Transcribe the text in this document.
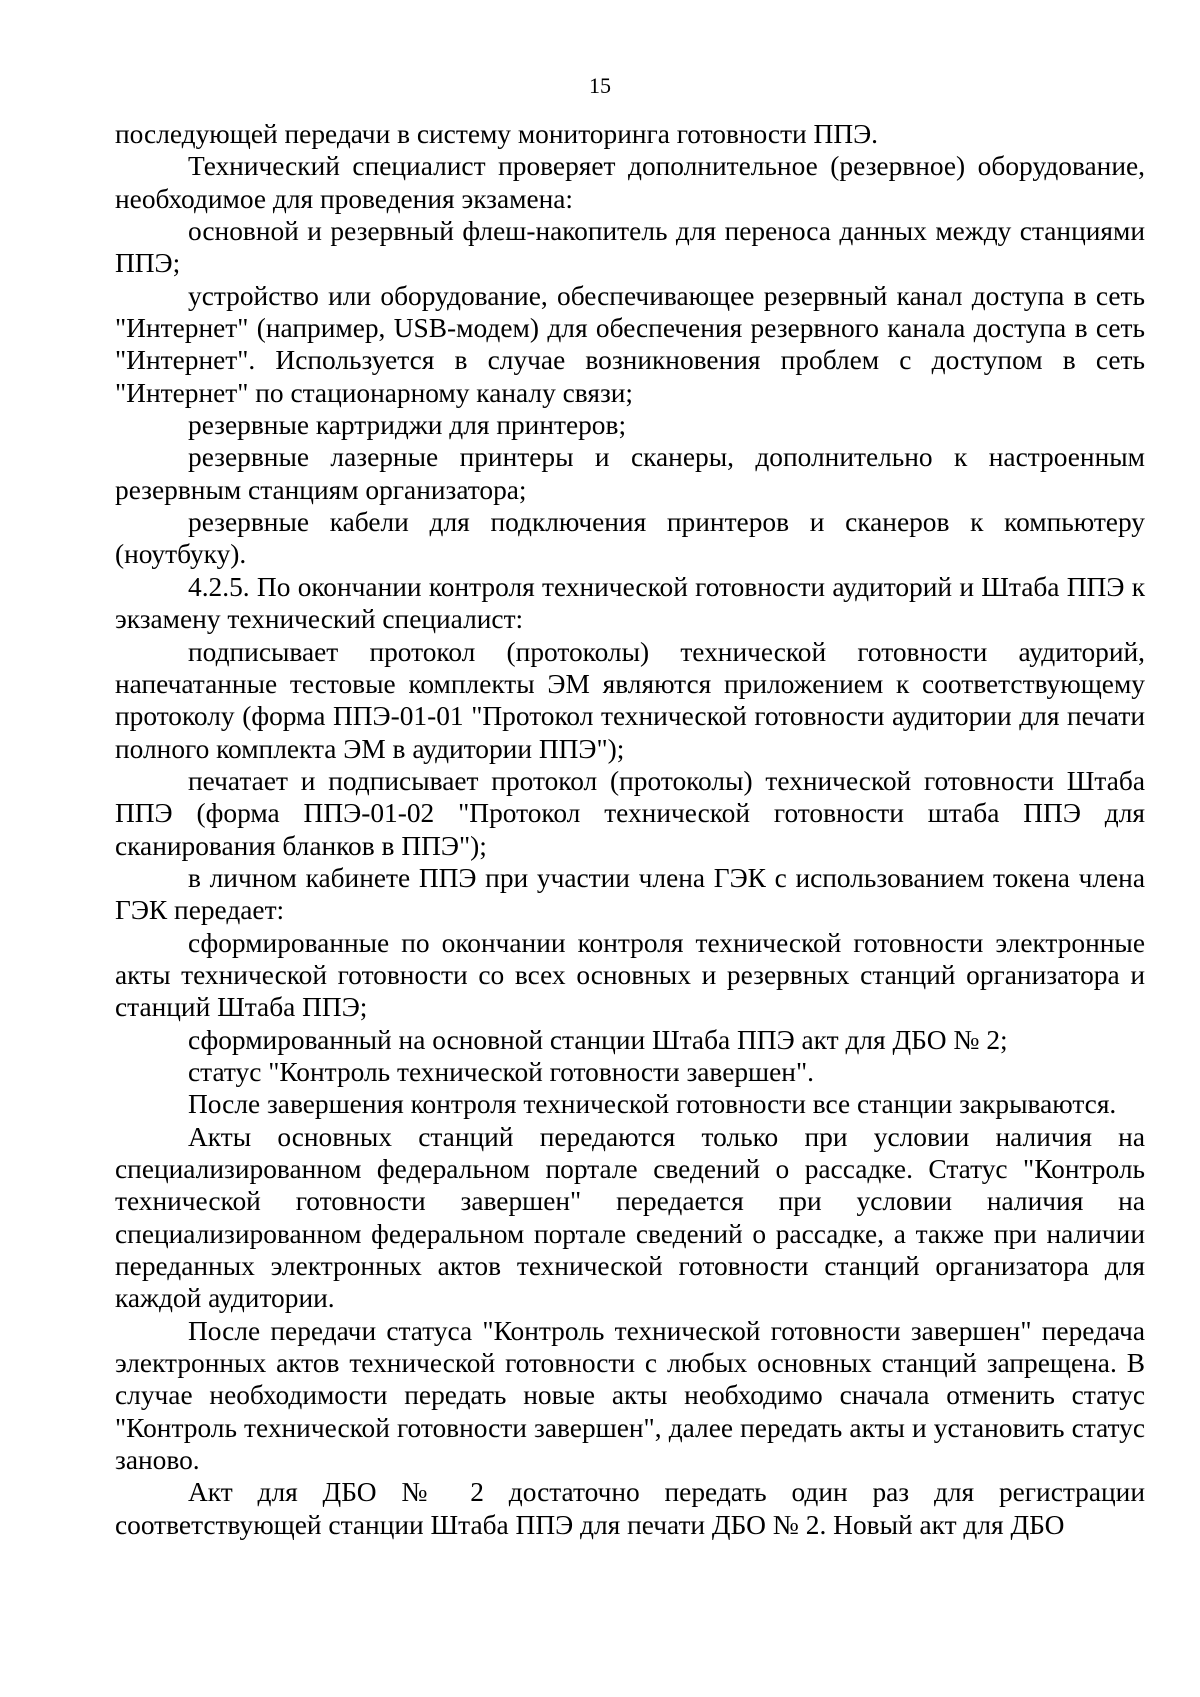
15

последующей передачи в систему мониторинга готовности ППЭ.

Технический специалист проверяет дополнительное (резервное) оборудование, необходимое для проведения экзамена:

основной и резервный флеш-накопитель для переноса данных между станциями ППЭ;

устройство или оборудование, обеспечивающее резервный канал доступа в сеть "Интернет" (например, USB-модем) для обеспечения резервного канала доступа в сеть "Интернет". Используется в случае возникновения проблем с доступом в сеть "Интернет" по стационарному каналу связи;

резервные картриджи для принтеров;

резервные лазерные принтеры и сканеры, дополнительно к настроенным резервным станциям организатора;

резервные кабели для подключения принтеров и сканеров к компьютеру (ноутбуку).

4.2.5. По окончании контроля технической готовности аудиторий и Штаба ППЭ к экзамену технический специалист:

подписывает протокол (протоколы) технической готовности аудиторий, напечатанные тестовые комплекты ЭМ являются приложением к соответствующему протоколу (форма ППЭ-01-01 "Протокол технической готовности аудитории для печати полного комплекта ЭМ в аудитории ППЭ");

печатает и подписывает протокол (протоколы) технической готовности Штаба ППЭ (форма ППЭ-01-02 "Протокол технической готовности штаба ППЭ для сканирования бланков в ППЭ");

в личном кабинете ППЭ при участии члена ГЭК с использованием токена члена ГЭК передает:

сформированные по окончании контроля технической готовности электронные акты технической готовности со всех основных и резервных станций организатора и станций Штаба ППЭ;

сформированный на основной станции Штаба ППЭ акт для ДБО № 2;

статус "Контроль технической готовности завершен".

После завершения контроля технической готовности все станции закрываются.

Акты основных станций передаются только при условии наличия на специализированном федеральном портале сведений о рассадке. Статус "Контроль технической готовности завершен" передается при условии наличия на специализированном федеральном портале сведений о рассадке, а также при наличии переданных электронных актов технической готовности станций организатора для каждой аудитории.

После передачи статуса "Контроль технической готовности завершен" передача электронных актов технической готовности с любых основных станций запрещена. В случае необходимости передать новые акты необходимо сначала отменить статус "Контроль технической готовности завершен", далее передать акты и установить статус заново.

Акт для ДБО № 2 достаточно передать один раз для регистрации соответствующей станции Штаба ППЭ для печати ДБО № 2. Новый акт для ДБО
